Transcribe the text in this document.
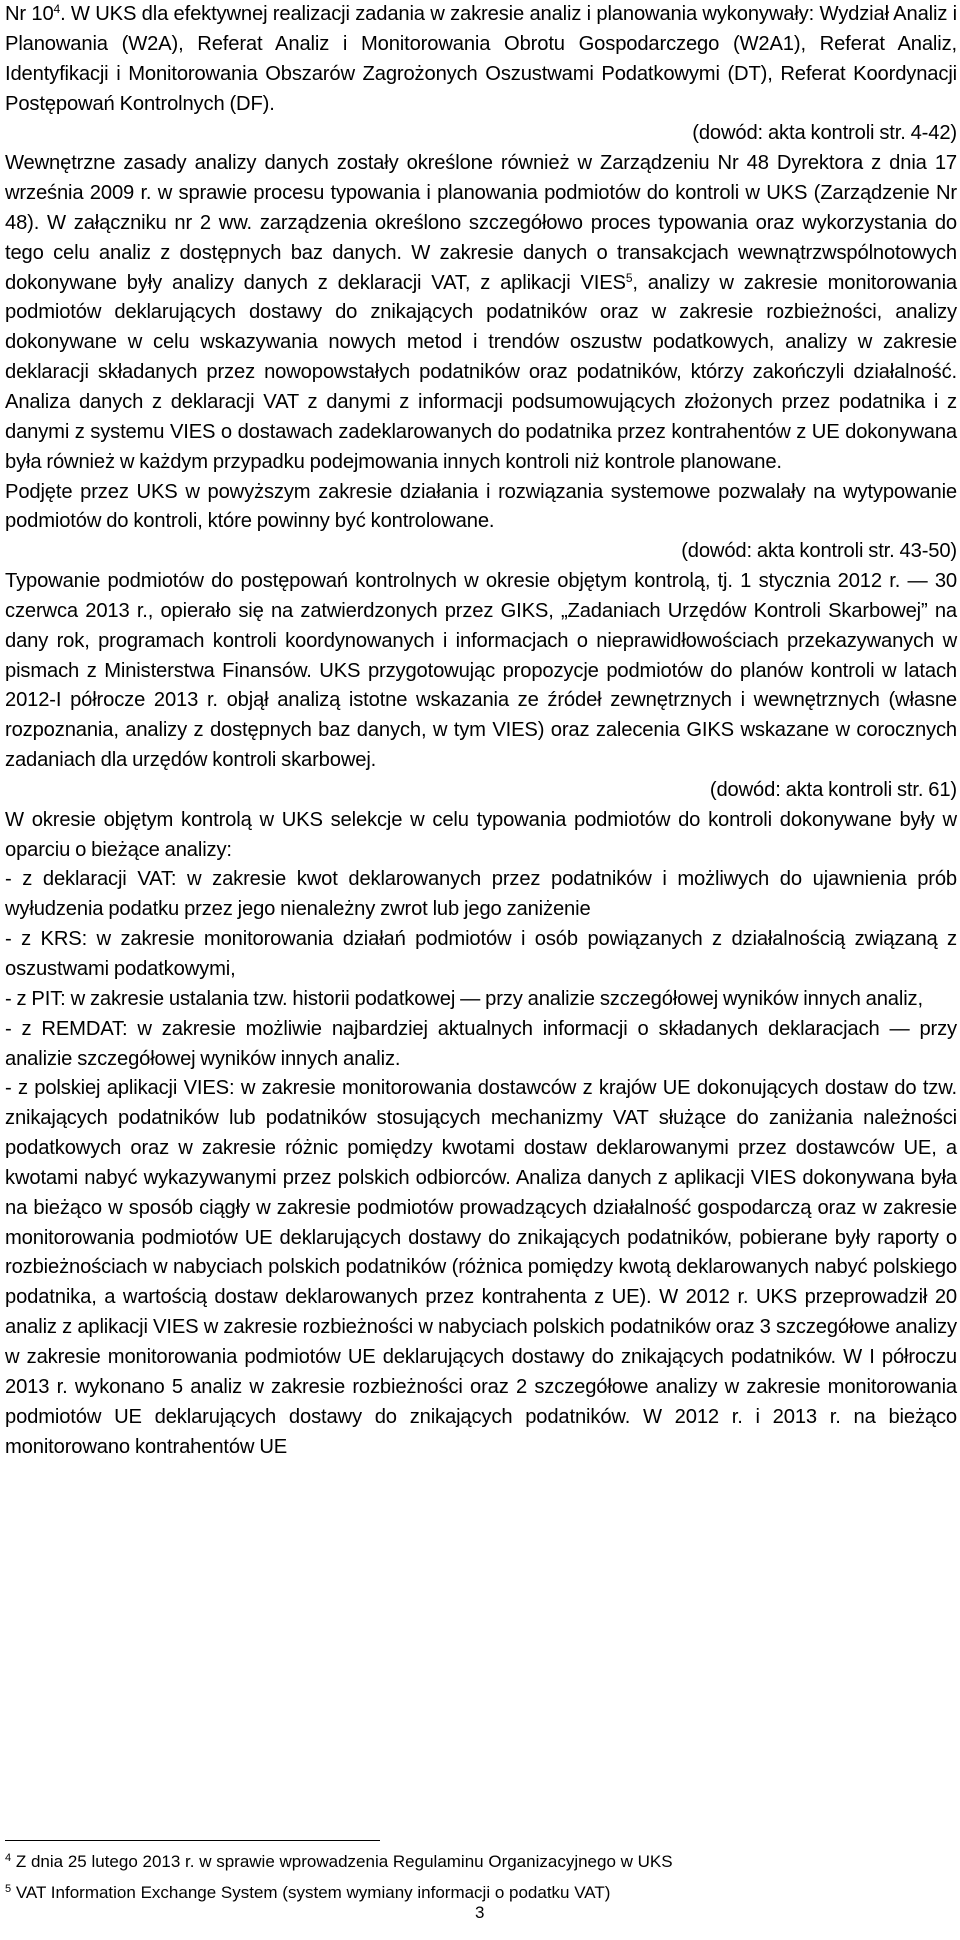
Nr $10^4$. W UKS dla efektywnej realizacji zadania w zakresie analiz i planowania wykonywały: Wydział Analiz i Planowania (W2A), Referat Analiz i Monitorowania Obrotu Gospodarczego (W2A1), Referat Analiz, Identyfikacji i Monitorowania Obszarów Zagrożonych Oszustwami Podatkowymi (DT), Referat Koordynacji Postępowań Kontrolnych (DF).

(dowód: akta kontroli str. 4-42)

Wewnętrzne zasady analizy danych zostały określone również w Zarządzeniu Nr 48 Dyrektora z dnia 17 września 2009 r. w sprawie procesu typowania i planowania podmiotów do kontroli w UKS (Zarządzenie Nr 48). W załączniku nr 2 ww. zarządzenia określono szczegółowo proces typowania oraz wykorzystania do tego celu analiz z dostępnych baz danych. W zakresie danych o transakcjach wewnątrzwspólnotowych dokonywane były analizy danych z deklaracji VAT, z aplikacji VIES$^5$, analizy w zakresie monitorowania podmiotów deklarujących dostawy do znikających podatników oraz w zakresie rozbieżności, analizy dokonywane w celu wskazywania nowych metod i trendów oszustw podatkowych, analizy w zakresie deklaracji składanych przez nowopowstałych podatników oraz podatników, którzy zakończyli działalność. Analiza danych z deklaracji VAT z danymi z informacji podsumowujących złożonych przez podatnika i z danymi z systemu VIES o dostawach zadeklarowanych do podatnika przez kontrahentów z UE dokonywana była również w każdym przypadku podejmowania innych kontroli niż kontrole planowane.

Podjęte przez UKS w powyższym zakresie działania i rozwiązania systemowe pozwalały na wytypowanie podmiotów do kontroli, które powinny być kontrolowane.

(dowód: akta kontroli str. 43-50)

Typowanie podmiotów do postępowań kontrolnych w okresie objętym kontrolą, tj. 1 stycznia 2012 r. — 30 czerwca 2013 r., opierało się na zatwierdzonych przez GIKS, „Zadaniach Urzędów Kontroli Skarbowej” na dany rok, programach kontroli koordynowanych i informacjach o nieprawidłowościach przekazywanych w pismach z Ministerstwa Finansów. UKS przygotowując propozycje podmiotów do planów kontroli w latach 2012-I półrocze 2013 r. objął analizą istotne wskazania ze źródeł zewnętrznych i wewnętrznych (własne rozpoznania, analizy z dostępnych baz danych, w tym VIES) oraz zalecenia GIKS wskazane w corocznych zadaniach dla urzędów kontroli skarbowej.

(dowód: akta kontroli str. 61)

W okresie objętym kontrolą w UKS selekcje w celu typowania podmiotów do kontroli dokonywane były w oparciu o bieżące analizy:

- z deklaracji VAT: w zakresie kwot deklarowanych przez podatników i możliwych do ujawnienia prób wyłudzenia podatku przez jego nienależny zwrot lub jego zaniżenie

- z KRS: w zakresie monitorowania działań podmiotów i osób powiązanych z działalnością związaną z oszustwami podatkowymi,

- z PIT: w zakresie ustalania tzw. historii podatkowej — przy analizie szczegółowej wyników innych analiz,

- z REMDAT: w zakresie możliwie najbardziej aktualnych informacji o składanych deklaracjach — przy analizie szczegółowej wyników innych analiz.

- z polskiej aplikacji VIES: w zakresie monitorowania dostawców z krajów UE dokonujących dostaw do tzw. znikających podatników lub podatników stosujących mechanizmy VAT służące do zaniżania należności podatkowych oraz w zakresie różnic pomiędzy kwotami dostaw deklarowanymi przez dostawców UE, a kwotami nabyć wykazywanymi przez polskich odbiorców. Analiza danych z aplikacji VIES dokonywana była na bieżąco w sposób ciągły w zakresie podmiotów prowadzących działalność gospodarczą oraz w zakresie monitorowania podmiotów UE deklarujących dostawy do znikających podatników, pobierane były raporty o rozbieżnościach w nabyciach polskich podatników (różnica pomiędzy kwotą deklarowanych nabyć polskiego podatnika, a wartością dostaw deklarowanych przez kontrahenta z UE). W 2012 r. UKS przeprowadził 20 analiz z aplikacji VIES w zakresie rozbieżności w nabyciach polskich podatników oraz 3 szczegółowe analizy w zakresie monitorowania podmiotów UE deklarujących dostawy do znikających podatników. W I półroczu 2013 r. wykonano 5 analiz w zakresie rozbieżności oraz 2 szczegółowe analizy w zakresie monitorowania podmiotów UE deklarujących dostawy do znikających podatników. W 2012 r. i 2013 r. na bieżąco monitorowano kontrahentów UE

$^4$ Z dnia 25 lutego 2013 r. w sprawie wprowadzenia Regulaminu Organizacyjnego w UKS

$^5$ VAT Information Exchange System (system wymiany informacji o podatku VAT)

3
